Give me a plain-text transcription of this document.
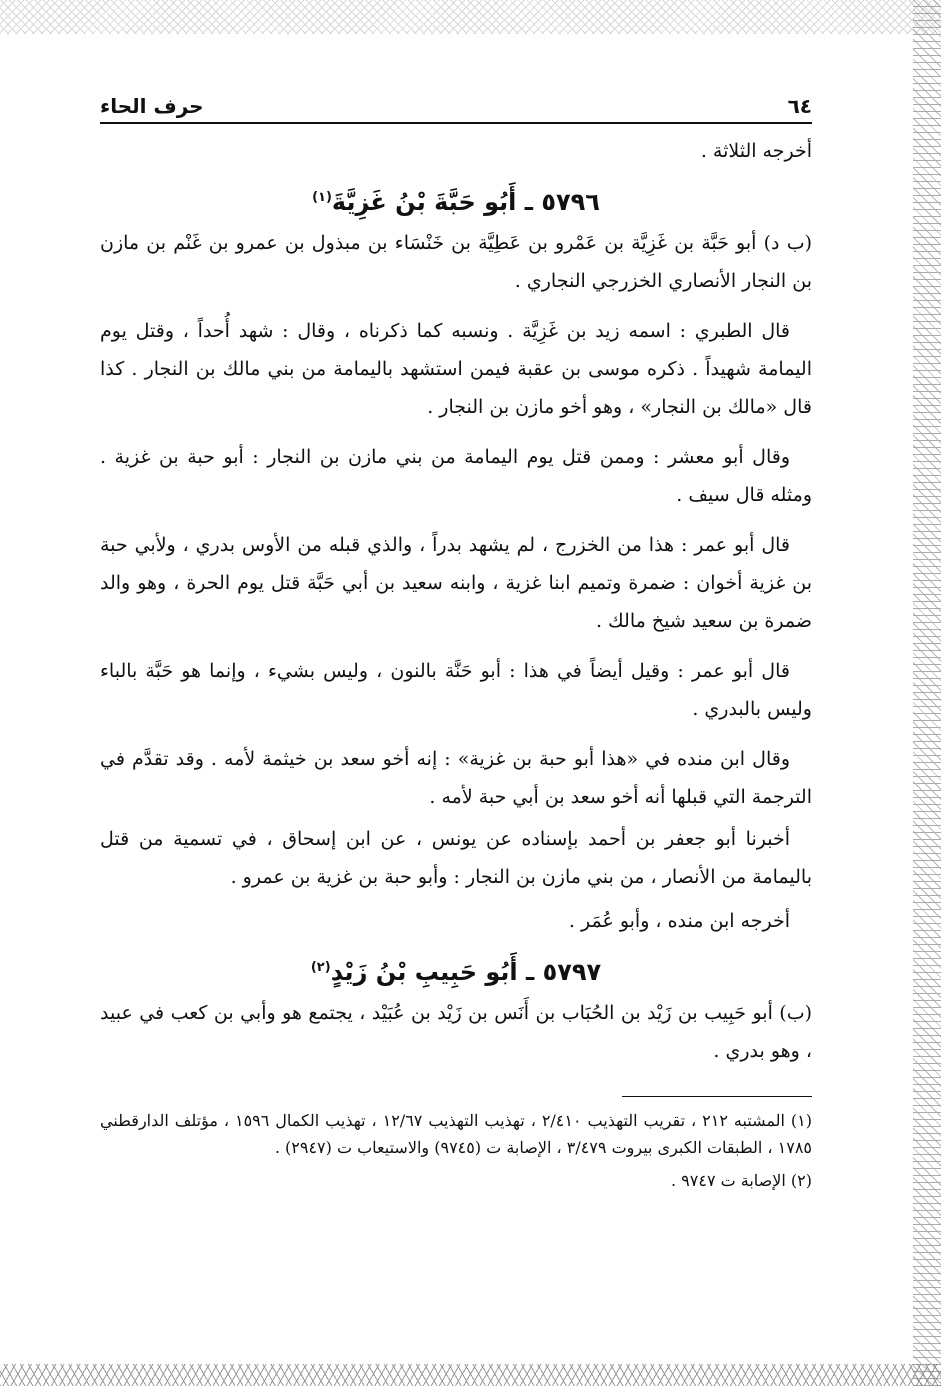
٦٤
حرف الحاء

أخرجه الثلاثة .

٥٧٩٦ ـ أَبُو حَبَّةَ بْنُ غَزِيَّةَ$^{(١)}$

(ب د) أبو حَبَّة بن غَزِيَّة بن عَمْرو بن عَطِيَّة بن خَنْسَاء بن مبذول بن عمرو بن غَنْم بن مازن بن النجار الأنصاري الخزرجي النجاري .

قال الطبري : اسمه زيد بن غَزِيَّة . ونسبه كما ذكرناه ، وقال : شهد أُحداً ، وقتل يوم اليمامة شهيداً . ذكره موسى بن عقبة فيمن استشهد باليمامة من بني مالك بن النجار . كذا قال «مالك بن النجار» ، وهو أخو مازن بن النجار .

وقال أبو معشر : وممن قتل يوم اليمامة من بني مازن بن النجار : أبو حبة بن غزية . ومثله قال سيف .

قال أبو عمر : هذا من الخزرج ، لم يشهد بدراً ، والذي قبله من الأوس بدري ، ولأبي حبة بن غزية أخوان : ضمرة وتميم ابنا غزية ، وابنه سعيد بن أبي حَبَّة قتل يوم الحرة ، وهو والد ضمرة بن سعيد شيخ مالك .

قال أبو عمر : وقيل أيضاً في هذا : أبو حَنَّة بالنون ، وليس بشيء ، وإنما هو حَبَّة بالباء وليس بالبدري .

وقال ابن منده في «هذا أبو حبة بن غزية» : إنه أخو سعد بن خيثمة لأمه . وقد تقدَّم في الترجمة التي قبلها أنه أخو سعد بن أبي حبة لأمه .

أخبرنا أبو جعفر بن أحمد بإسناده عن يونس ، عن ابن إسحاق ، في تسمية من قتل باليمامة من الأنصار ، من بني مازن بن النجار : وأبو حبة بن غزية بن عمرو .

أخرجه ابن منده ، وأبو عُمَر .

٥٧٩٧ ـ أَبُو حَبِيبِ بْنُ زَيْدٍ$^{(٢)}$

(ب) أبو حَبِيب بن زَيْد بن الحُبَاب بن أَنَس بن زَيْد بن عُبَيْد ، يجتمع هو وأبي بن كعب في عبيد ، وهو بدري .

(١) المشتبه ٢١٢ ، تقريب التهذيب ٢/٤١٠ ، تهذيب التهذيب ١٢/٦٧ ، تهذيب الكمال ١٥٩٦ ، مؤتلف الدارقطني ١٧٨٥ ، الطبقات الكبرى بيروت ٣/٤٧٩ ، الإصابة ت (٩٧٤٥) والاستيعاب ت (٢٩٤٧) .

(٢) الإصابة ت ٩٧٤٧ .
